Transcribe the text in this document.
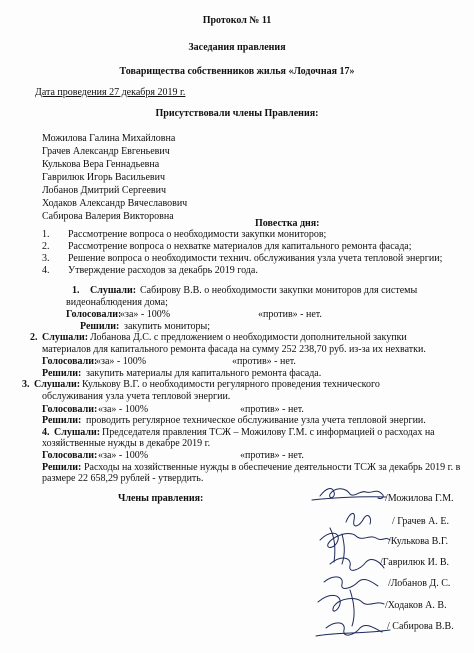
Протокол № 11
Заседания правления
Товарищества собственников жилья «Лодочная 17»
Дата проведения 27 декабря 2019 г.
Присутствовали члены Правления:
Можилова Галина Михайловна
Грачев Александр Евгеньевич
Кулькова Вера Геннадьевна
Гаврилюк Игорь Васильевич
Лобанов Дмитрий Сергеевич
Ходаков Александр Вячеславович
Сабирова Валерия Викторовна
Повестка дня:
1. Рассмотрение вопроса о необходимости закупки мониторов;
2. Рассмотрение вопроса о нехватке материалов для капитального ремонта фасада;
3. Решение вопроса о необходимости технич. обслуживания узла учета тепловой энергии;
4. Утверждение расходов за декабрь 2019 года.
1. Слушали: Сабирову В.В. о необходимости закупки мониторов для системы
видеонаблюдения дома;
Голосовали:
«за» - 100%	«против» - нет.
Решили: закупить мониторы;
2. Слушали: Лобанова Д.С. с предложением о необходимости дополнительной закупки
материалов для капитального ремонта фасада на сумму 252 238,70 руб. из-за их нехватки.
Голосовали:
«за» - 100%	«против» - нет.
Решили: закупить материалы для капитального ремонта фасада.
3. Слушали: Кулькову В.Г. о необходимости регулярного проведения технического
обслуживания узла учета тепловой энергии.
Голосовали: «за» - 100%	«против» - нет.
Решили: проводить регулярное техническое обслуживание узла учета тепловой энергии.
4. Слушали: Председателя правления ТСЖ – Можилову Г.М. с информацией о расходах на
хозяйственные нужды в декабре 2019 г.
Голосовали: «за» - 100%	«против» - нет.
Решили: Расходы на хозяйственные нужды в обеспечение деятельности ТСЖ за декабрь 2019 г. в
размере 22 658,29 рублей - утвердить.
Члены правления:	/Можилова Г.М.
/ Грачев А. Е.
/Кулькова В.Г.
/Гаврилюк И. В.
/Лобанов Д. С.
/Ходаков А. В.
/ Сабирова В.В.
